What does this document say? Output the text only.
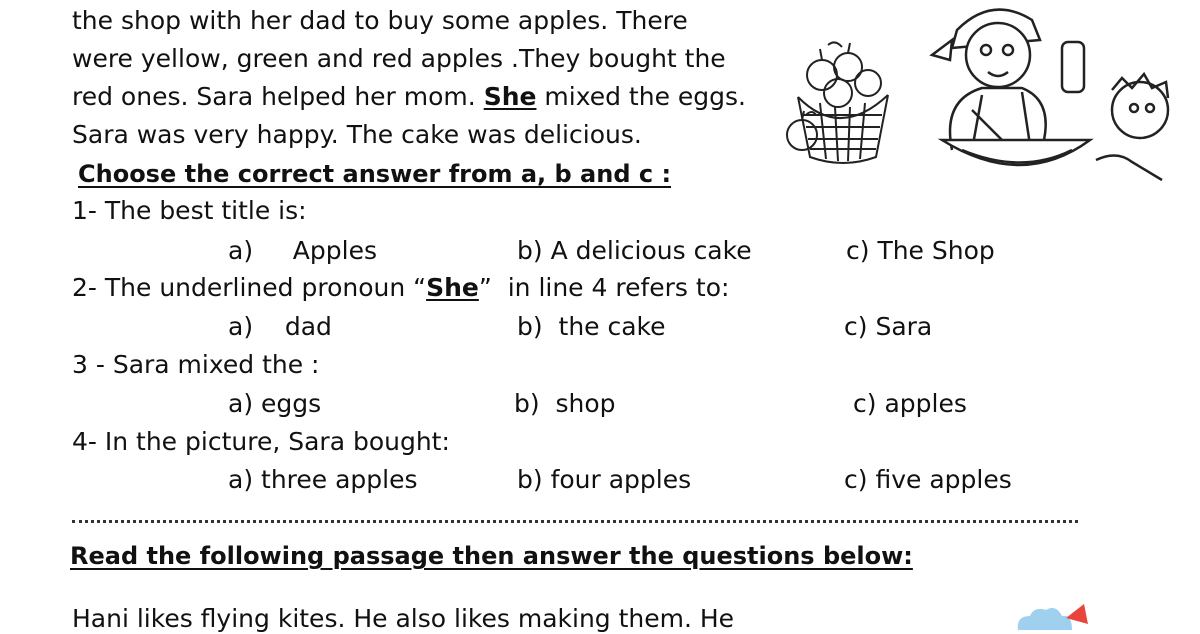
the shop with her dad to buy some apples. There
were yellow, green and red apples .They bought the
red ones. Sara helped her mom. She mixed the eggs.
Sara was very happy. The cake was delicious.
Choose the correct answer from a, b and c :
1- The best title is:
a)     Apples	b) A delicious cake	c) The Shop
2- The underlined pronoun “She”  in line 4 refers to:
a)    dad	b)  the cake	c) Sara
3 - Sara mixed the :
a) eggs	b)  shop	c) apples
4- In the picture, Sara bought:
a) three apples	b) four apples	c) five apples
Read the following passage then answer the questions below:
Hani likes flying kites. He also likes making them. He
